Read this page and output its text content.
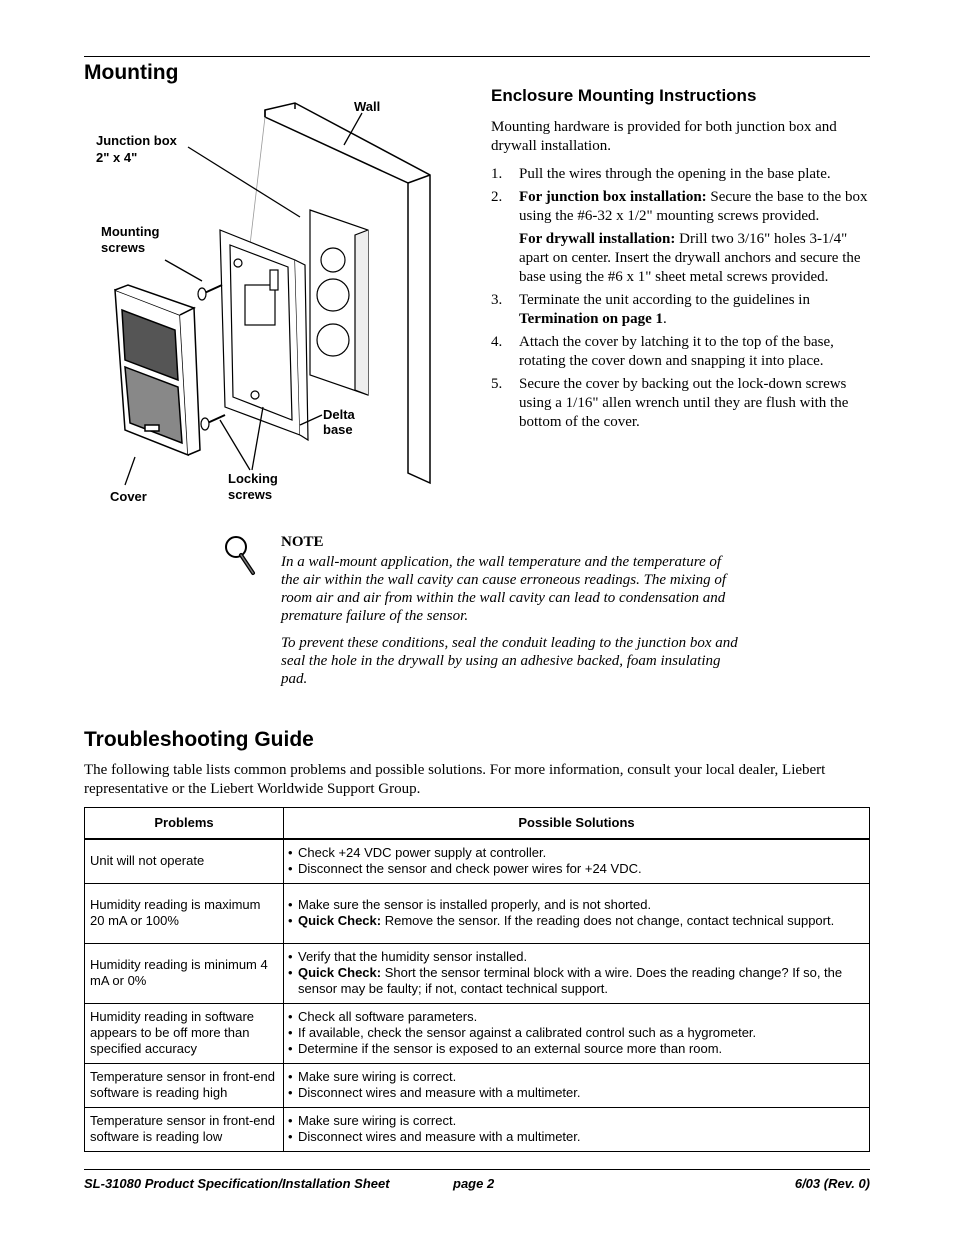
Mounting
Wall
Junction box
2" x 4"
Mounting
screws
Delta
base
Locking
screws
Cover
Enclosure Mounting Instructions

Mounting hardware is provided for both junction box and drywall installation.

1. Pull the wires through the opening in the base plate.

2. For junction box installation: Secure the base to the box using the #6-32 x 1/2" mounting screws provided.

For drywall installation: Drill two 3/16" holes 3-1/4" apart on center. Insert the drywall anchors and secure the base using the #6 x 1" sheet metal screws provided.

3. Terminate the unit according to the guidelines in Termination on page 1.

4. Attach the cover by latching it to the top of the base, rotating the cover down and snapping it into place.

5. Secure the cover by backing out the lock-down screws using a 1/16" allen wrench until they are flush with the bottom of the cover.

NOTE

In a wall-mount application, the wall temperature and the temperature of the air within the wall cavity can cause erroneous readings. The mixing of room air and air from within the wall cavity can lead to condensation and premature failure of the sensor.

To prevent these conditions, seal the conduit leading to the junction box and seal the hole in the drywall by using an adhesive backed, foam insulating pad.

Troubleshooting Guide

The following table lists common problems and possible solutions. For more information, consult your local dealer, Liebert representative or the Liebert Worldwide Support Group.

Problems	Possible Solutions
Unit will not operate	• Check +24 VDC power supply at controller.
• Disconnect the sensor and check power wires for +24 VDC.

Humidity reading is maximum 20 mA or 100%	• Make sure the sensor is installed properly, and is not shorted.
• Quick Check: Remove the sensor. If the reading does not change, contact technical support.

Humidity reading is minimum 4 mA or 0%	• Verify that the humidity sensor installed.
• Quick Check: Short the sensor terminal block with a wire. Does the reading change? If so, the sensor may be faulty; if not, contact technical support.

Humidity reading in software appears to be off more than specified accuracy	• Check all software parameters.
• If available, check the sensor against a calibrated control such as a hygrometer.
• Determine if the sensor is exposed to an external source more than room.

Temperature sensor in front-end software is reading high	• Make sure wiring is correct.
• Disconnect wires and measure with a multimeter.

Temperature sensor in front-end software is reading low	• Make sure wiring is correct.
• Disconnect wires and measure with a multimeter.
SL-31080 Product Specification/Installation Sheet	page 2	6/03 (Rev. 0)
